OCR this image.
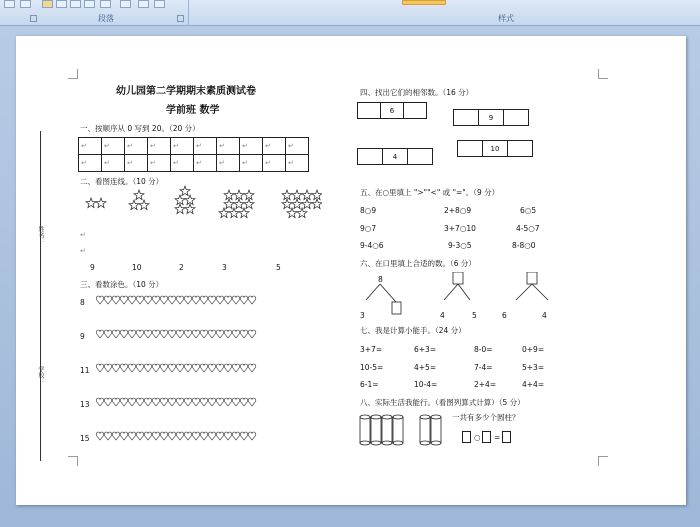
段落	样式
姓名：
学校：
幼儿园第二学期期末素质测试卷
学前班 数学
一、按顺序从 0 写到 20。（20 分）
↵	↵	↵	↵	↵	↵	↵	↵	↵	↵
↵	↵	↵	↵	↵	↵	↵	↵	↵	↵
二、看图连线。（10 分）
↵
↵
9	10	2	3	5
三、看数涂色。（10 分）
8
9
11
13
15
四、找出它们的相邻数。（16 分）
6
9
4
10
五、在○里填上 ">""<" 或 "="。（9 分）
8○9	2+8○9	6○5
9○7	3+7○10	4-5○7
9-4○6	9-3○5	8-8○0
六、在口里填上合适的数。（6 分）
8
3	4	5	6	4
七、我是计算小能手。（24 分）
3+7=	6+3=	8-0=	0+9=
10-5=	4+5=	7-4=	5+3=
6-1=	10-4=	2+4=	4+4=
八、实际生活我能行。（看图列算式计算）（5 分）
一共有多少个圆柱？
○ =
